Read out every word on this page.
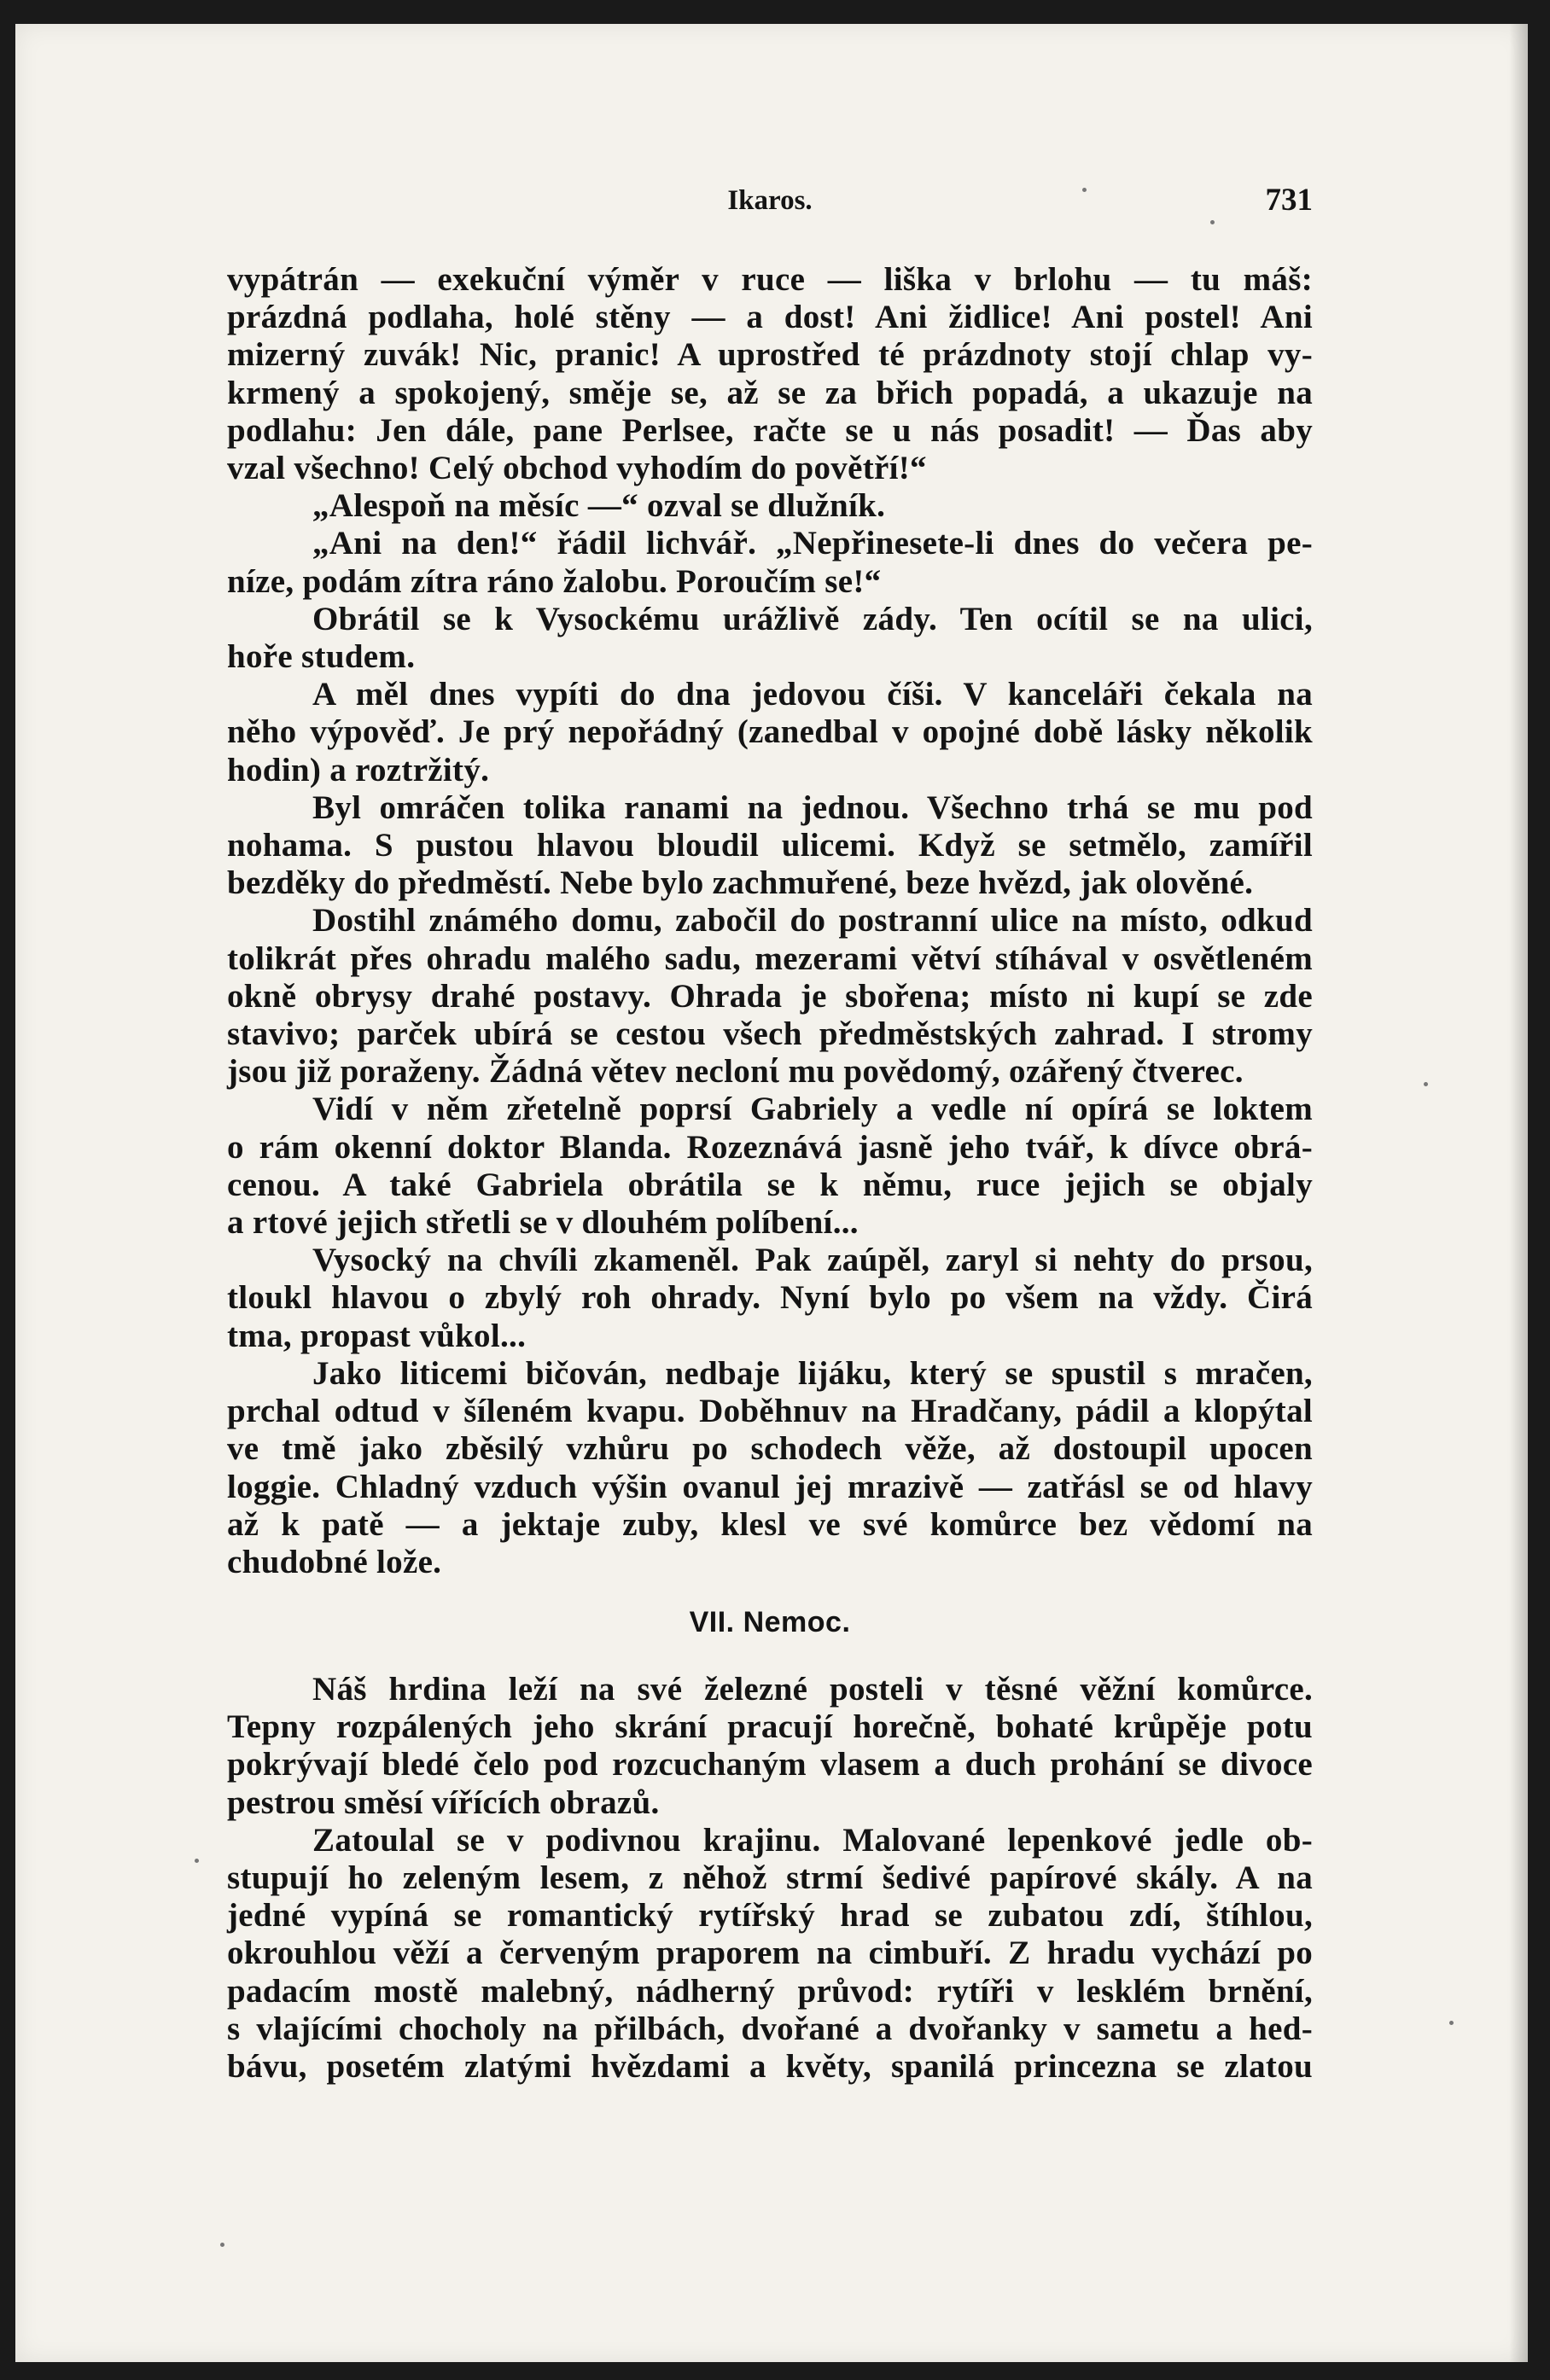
Ikaros.	731
vypátrán — exekuční výměr v ruce — liška v brlohu — tu máš:
prázdná podlaha, holé stěny — a dost! Ani židlice! Ani postel! Ani
mizerný zuvák! Nic, pranic! A uprostřed té prázdnoty stojí chlap vy-
krmený a spokojený, směje se, až se za břich popadá, a ukazuje na
podlahu: Jen dále, pane Perlsee, račte se u nás posadit! — Ďas aby
vzal všechno! Celý obchod vyhodím do povětří!“
„Alespoň na měsíc —“ ozval se dlužník.
„Ani na den!“ řádil lichvář. „Nepřinesete-li dnes do večera pe-
níze, podám zítra ráno žalobu. Poroučím se!“
Obrátil se k Vysockému urážlivě zády. Ten ocítil se na ulici,
hoře studem.
A měl dnes vypíti do dna jedovou číši. V kanceláři čekala na
něho výpověď. Je prý nepořádný (zanedbal v opojné době lásky několik
hodin) a roztržitý.
Byl omráčen tolika ranami na jednou. Všechno trhá se mu pod
nohama. S pustou hlavou bloudil ulicemi. Když se setmělo, zamířil
bezděky do předměstí. Nebe bylo zachmuřené, beze hvězd, jak olověné.
Dostihl známého domu, zabočil do postranní ulice na místo, odkud
tolikrát přes ohradu malého sadu, mezerami větví stíhával v osvětleném
okně obrysy drahé postavy. Ohrada je sbořena; místo ni kupí se zde
stavivo; parček ubírá se cestou všech předměstských zahrad. I stromy
jsou již poraženy. Žádná větev neclonί mu povědomý, ozářený čtverec.
Vidí v něm zřetelně poprsí Gabriely a vedle ní opírá se loktem
o rám okenní doktor Blanda. Rozeznává jasně jeho tvář, k dívce obrá-
cenou. A také Gabriela obrátila se k němu, ruce jejich se objaly
a rtové jejich střetli se v dlouhém políbení...
Vysocký na chvíli zkameněl. Pak zaúpěl, zaryl si nehty do prsou,
tloukl hlavou o zbylý roh ohrady. Nyní bylo po všem na vždy. Čirá
tma, propast vůkol...
Jako liticemi bičován, nedbaje lijáku, který se spustil s mračen,
prchal odtud v šíleném kvapu. Doběhnuv na Hradčany, pádil a klopýtal
ve tmě jako zběsilý vzhůru po schodech věže, až dostoupil upocen
loggie. Chladný vzduch výšin ovanul jej mrazivě — zatřásl se od hlavy
až k patě — a jektaje zuby, klesl ve své komůrce bez vědomí na
chudobné lože.
VII. Nemoc.
Náš hrdina leží na své železné posteli v těsné věžní komůrce.
Tepny rozpálených jeho skrání pracují horečně, bohaté krůpěje potu
pokrývají bledé čelo pod rozcuchaným vlasem a duch prohání se divoce
pestrou směsí vířících obrazů.
Zatoulal se v podivnou krajinu. Malované lepenkové jedle ob-
stupují ho zeleným lesem, z něhož strmí šedivé papírové skály. A na
jedné vypíná se romantický rytířský hrad se zubatou zdí, štíhlou,
okrouhlou věží a červeným praporem na cimbuří. Z hradu vychází po
padacím mostě malebný, nádherný průvod: rytíři v lesklém brnění,
s vlajícími chocholy na přilbách, dvořané a dvořanky v sametu a hed-
bávu, posetém zlatými hvězdami a květy, spanilá princezna se zlatou
